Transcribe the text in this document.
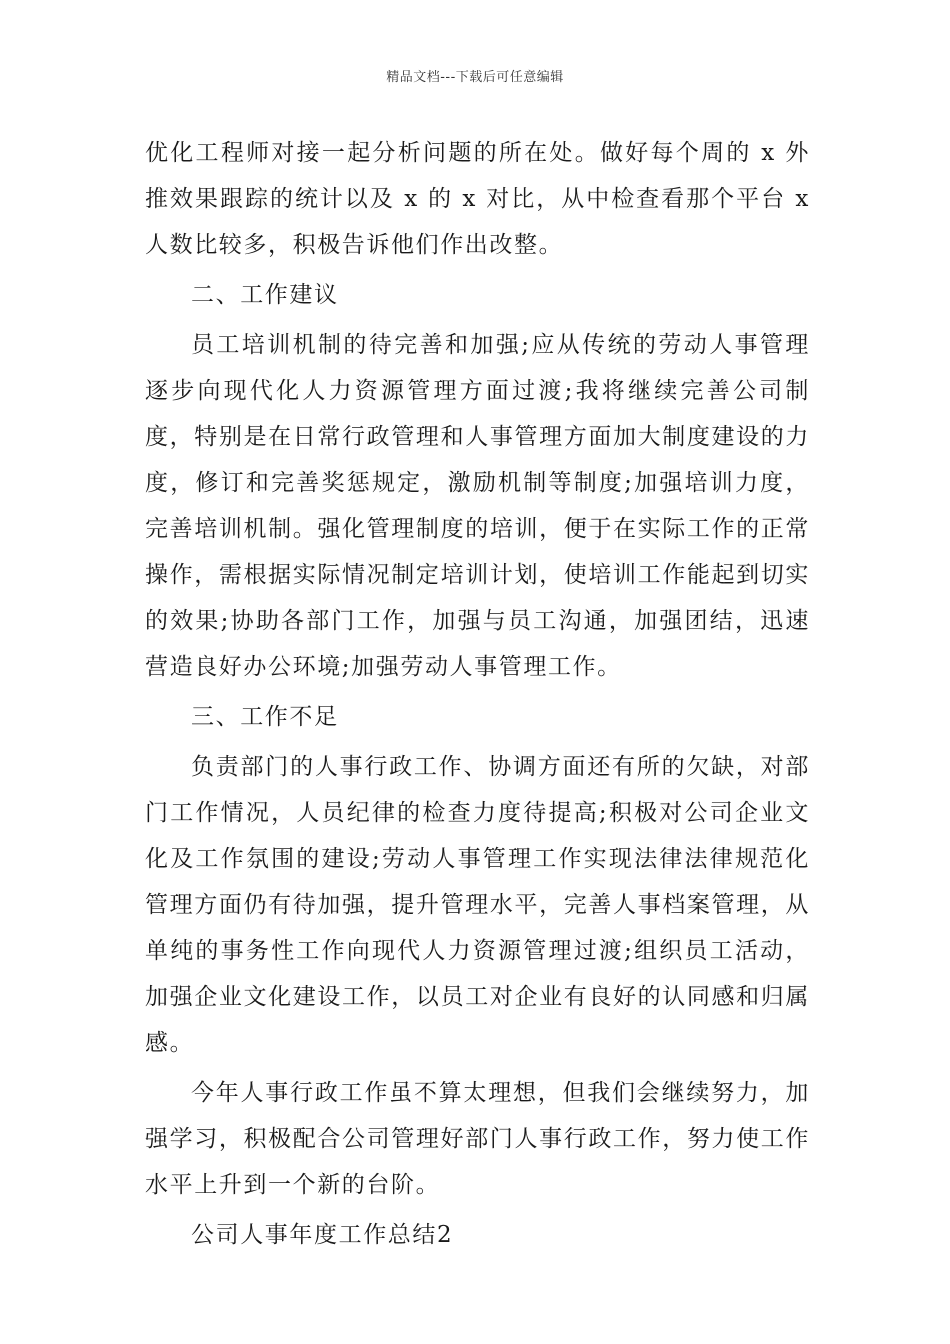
精品文档---下载后可任意编辑

优化工程师对接一起分析问题的所在处。做好每个周的 x 外推效果跟踪的统计以及 x 的 x 对比，从中检查看那个平台 x 人数比较多，积极告诉他们作出改整。

二、工作建议

员工培训机制的待完善和加强;应从传统的劳动人事管理逐步向现代化人力资源管理方面过渡;我将继续完善公司制度，特别是在日常行政管理和人事管理方面加大制度建设的力度，修订和完善奖惩规定，激励机制等制度;加强培训力度，完善培训机制。强化管理制度的培训，便于在实际工作的正常操作，需根据实际情况制定培训计划，使培训工作能起到切实的效果;协助各部门工作，加强与员工沟通，加强团结，迅速营造良好办公环境;加强劳动人事管理工作。

三、工作不足

负责部门的人事行政工作、协调方面还有所的欠缺，对部门工作情况，人员纪律的检查力度待提高;积极对公司企业文化及工作氛围的建设;劳动人事管理工作实现法律法律规范化管理方面仍有待加强，提升管理水平，完善人事档案管理，从单纯的事务性工作向现代人力资源管理过渡;组织员工活动，加强企业文化建设工作，以员工对企业有良好的认同感和归属感。

今年人事行政工作虽不算太理想，但我们会继续努力，加强学习，积极配合公司管理好部门人事行政工作，努力使工作水平上升到一个新的台阶。

公司人事年度工作总结2
